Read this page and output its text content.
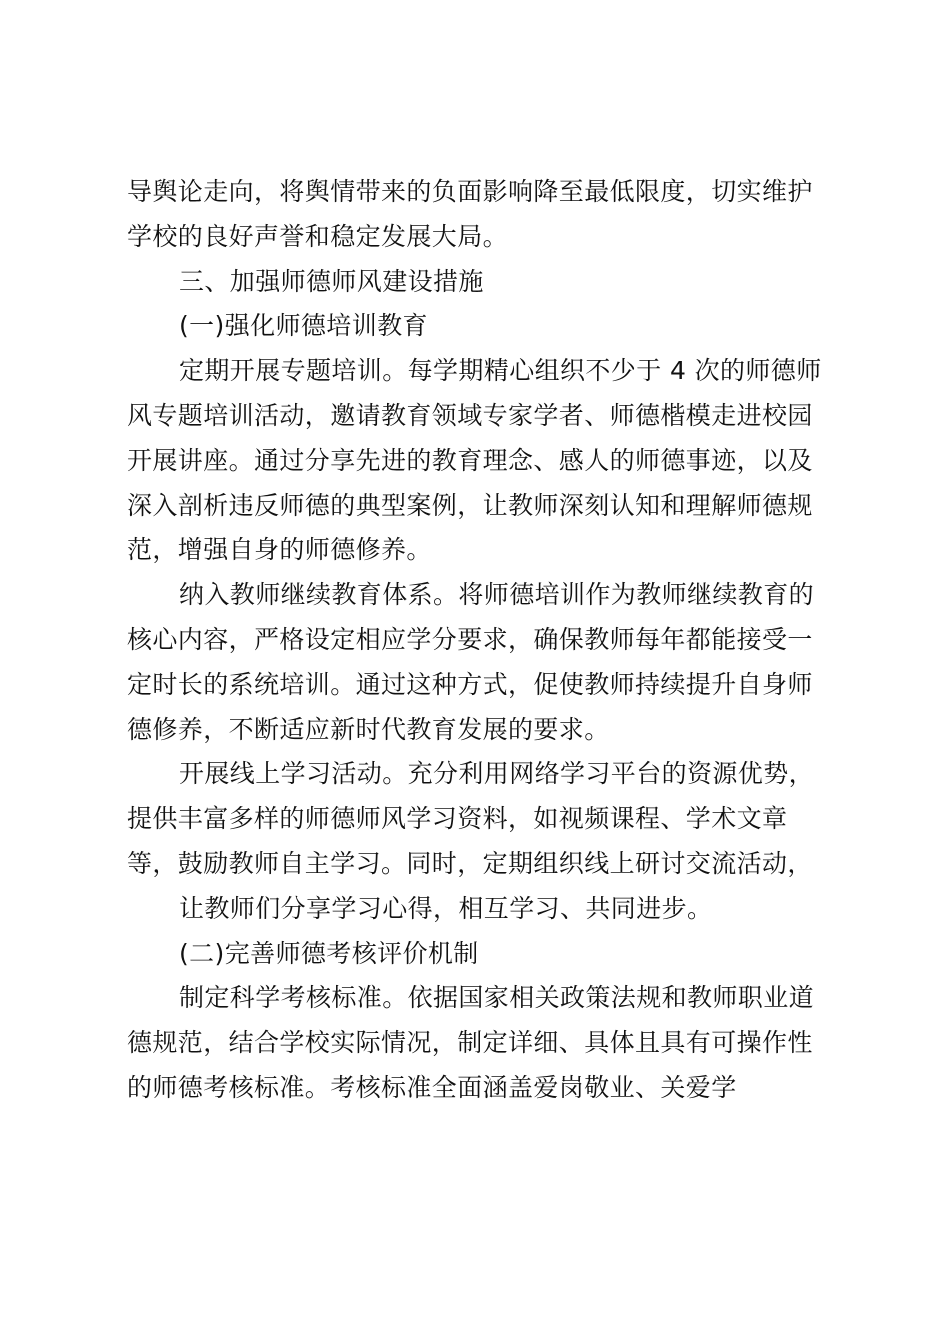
导舆论走向，将舆情带来的负面影响降至最低限度，切实维护
学校的良好声誉和稳定发展大局。
三、加强师德师风建设措施
(一)强化师德培训教育
定期开展专题培训。每学期精心组织不少于 4 次的师德师
风专题培训活动，邀请教育领域专家学者、师德楷模走进校园
开展讲座。通过分享先进的教育理念、感人的师德事迹，以及
深入剖析违反师德的典型案例，让教师深刻认知和理解师德规
范，增强自身的师德修养。
纳入教师继续教育体系。将师德培训作为教师继续教育的
核心内容，严格设定相应学分要求，确保教师每年都能接受一
定时长的系统培训。通过这种方式，促使教师持续提升自身师
德修养，不断适应新时代教育发展的要求。
开展线上学习活动。充分利用网络学习平台的资源优势，
提供丰富多样的师德师风学习资料，如视频课程、学术文章
等，鼓励教师自主学习。同时，定期组织线上研讨交流活动，
让教师们分享学习心得，相互学习、共同进步。
(二)完善师德考核评价机制
制定科学考核标准。依据国家相关政策法规和教师职业道
德规范，结合学校实际情况，制定详细、具体且具有可操作性
的师德考核标准。考核标准全面涵盖爱岗敬业、关爱学
